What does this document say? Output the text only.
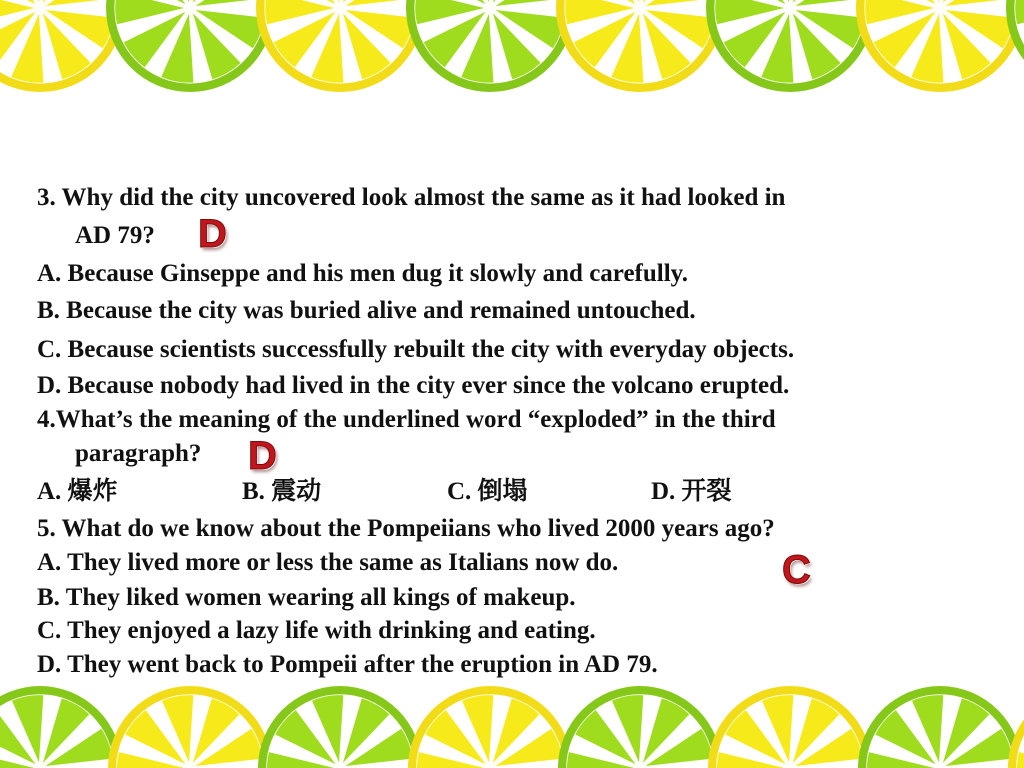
3. Why did the city uncovered look almost the same as it had looked in
AD 79? D
A. Because Ginseppe and his men dug it slowly and carefully.
B. Because the city was buried alive and remained untouched.
C. Because scientists successfully rebuilt the city with everyday objects.
D. Because nobody had lived in the city ever since the volcano erupted.
4.What’s the meaning of the underlined word “exploded” in the third
paragraph? D
A. 爆炸	B. 震动	C. 倒塌	D. 开裂
5. What do we know about the Pompeiians who lived 2000 years ago?
A. They lived more or less the same as Italians now do.	C
B. They liked women wearing all kings of makeup.
C. They enjoyed a lazy life with drinking and eating.
D. They went back to Pompeii after the eruption in AD 79.
